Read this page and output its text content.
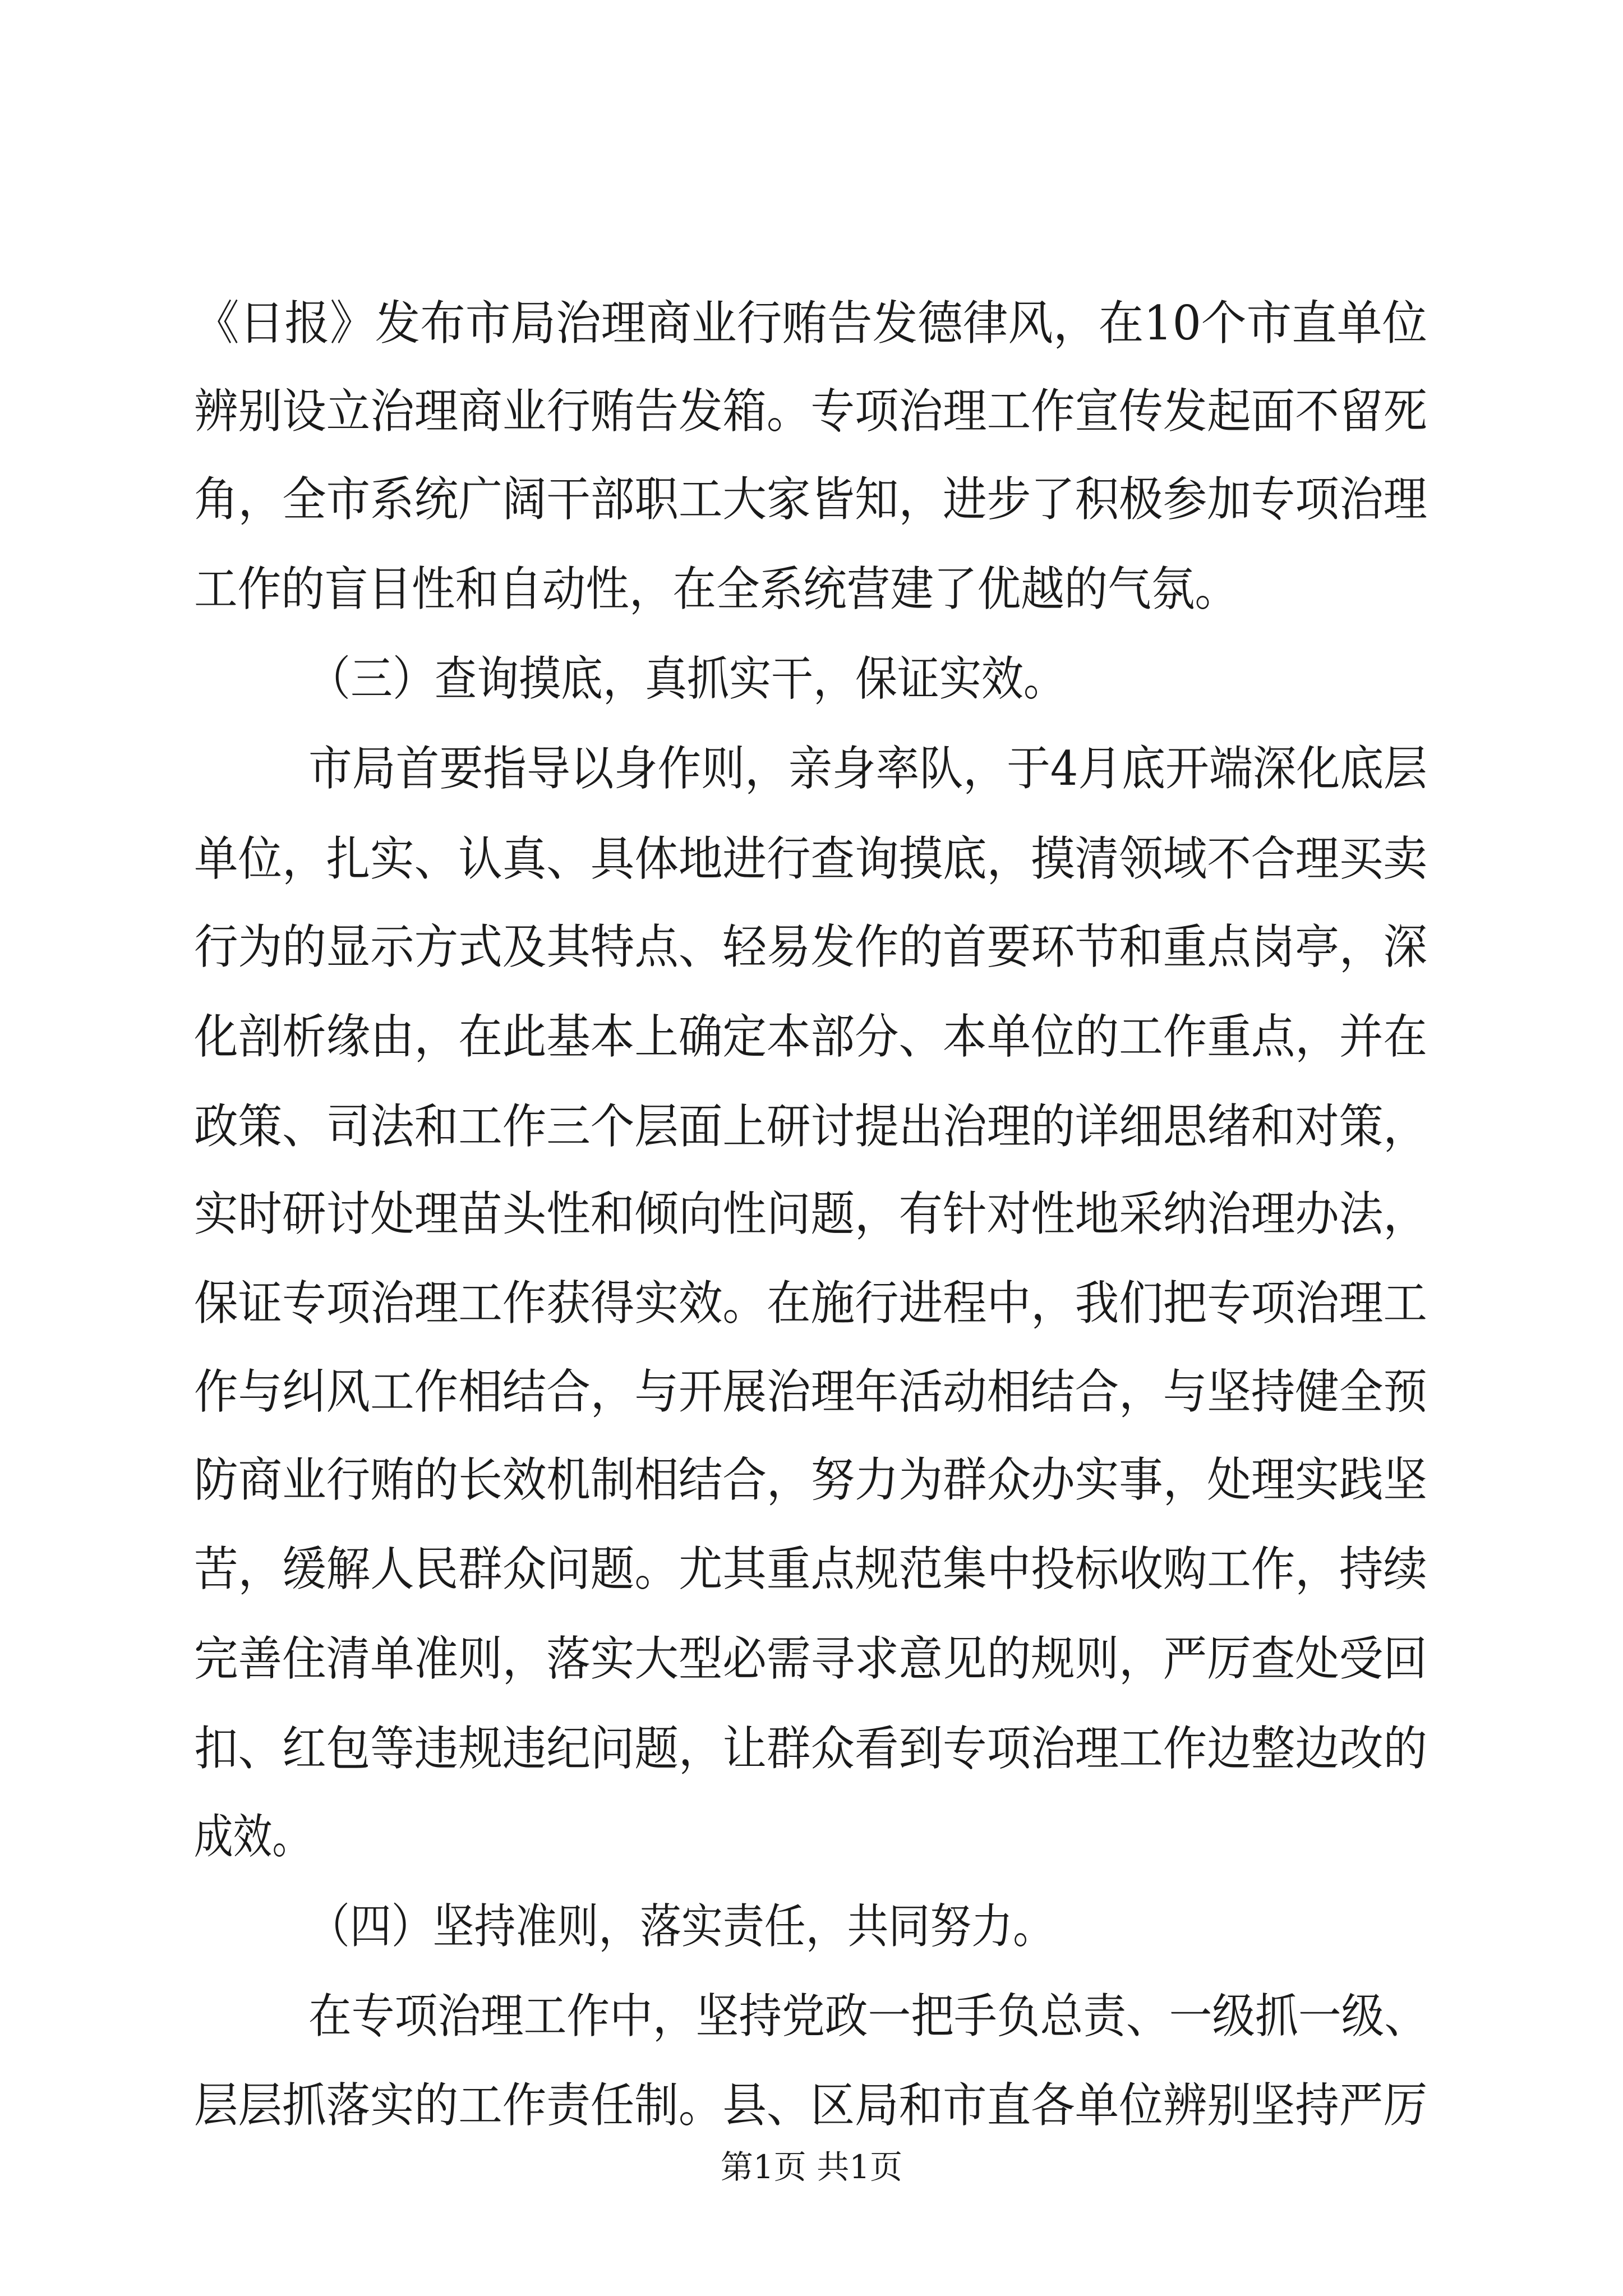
《日报》发布市局治理商业行贿告发德律风，在10个市直单位
辨别设立治理商业行贿告发箱。专项治理工作宣传发起面不留死
角，全市系统广阔干部职工大家皆知，进步了积极参加专项治理
工作的盲目性和自动性，在全系统营建了优越的气氛。
（三）查询摸底，真抓实干，保证实效。
市局首要指导以身作则，亲身率队，于4月底开端深化底层
单位，扎实、认真、具体地进行查询摸底，摸清领域不合理买卖
行为的显示方式及其特点、轻易发作的首要环节和重点岗亭，深
化剖析缘由，在此基本上确定本部分、本单位的工作重点，并在
政策、司法和工作三个层面上研讨提出治理的详细思绪和对策，
实时研讨处理苗头性和倾向性问题，有针对性地采纳治理办法，
保证专项治理工作获得实效。在施行进程中，我们把专项治理工
作与纠风工作相结合，与开展治理年活动相结合，与坚持健全预
防商业行贿的长效机制相结合，努力为群众办实事，处理实践坚
苦，缓解人民群众问题。尤其重点规范集中投标收购工作，持续
完善住清单准则，落实大型必需寻求意见的规则，严厉查处受回
扣、红包等违规违纪问题，让群众看到专项治理工作边整边改的
成效。
（四）坚持准则，落实责任，共同努力。
在专项治理工作中，坚持党政一把手负总责、一级抓一级、
层层抓落实的工作责任制。县、区局和市直各单位辨别坚持严厉
第1页 共1页
